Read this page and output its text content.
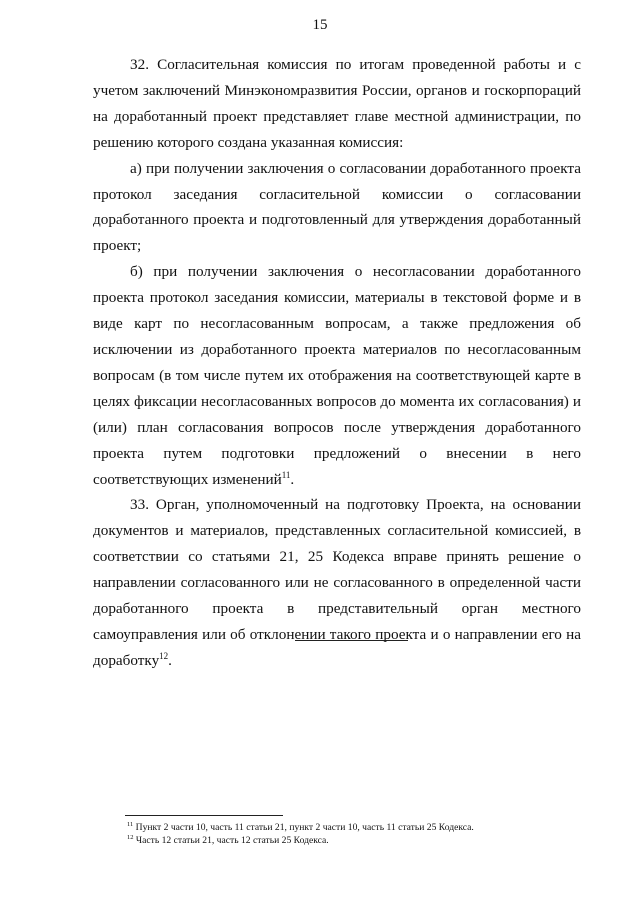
15

32. Согласительная комиссия по итогам проведенной работы и с учетом заключений Минэкономразвития России, органов и госкорпораций на доработанный проект представляет главе местной администрации, по решению которого создана указанная комиссия:

а) при получении заключения о согласовании доработанного проекта протокол заседания согласительной комиссии о согласовании доработанного проекта и подготовленный для утверждения доработанный проект;

б) при получении заключения о несогласовании доработанного проекта протокол заседания комиссии, материалы в текстовой форме и в виде карт по несогласованным вопросам, а также предложения об исключении из доработанного проекта материалов по несогласованным вопросам (в том числе путем их отображения на соответствующей карте в целях фиксации несогласованных вопросов до момента их согласования) и (или) план согласования вопросов после утверждения доработанного проекта путем подготовки предложений о внесении в него соответствующих изменений$^{11}$.

33. Орган, уполномоченный на подготовку Проекта, на основании документов и материалов, представленных согласительной комиссией, в соответствии со статьями 21, 25 Кодекса вправе принять решение о направлении согласованного или не согласованного в определенной части доработанного проекта в представительный орган местного самоуправления или об отклонении такого проекта и о направлении его на доработку$^{12}$.

$^{11}$ Пункт 2 части 10, часть 11 статьи 21, пункт 2 части 10, часть 11 статьи 25 Кодекса.
$^{12}$ Часть 12 статьи 21, часть 12 статьи 25 Кодекса.
